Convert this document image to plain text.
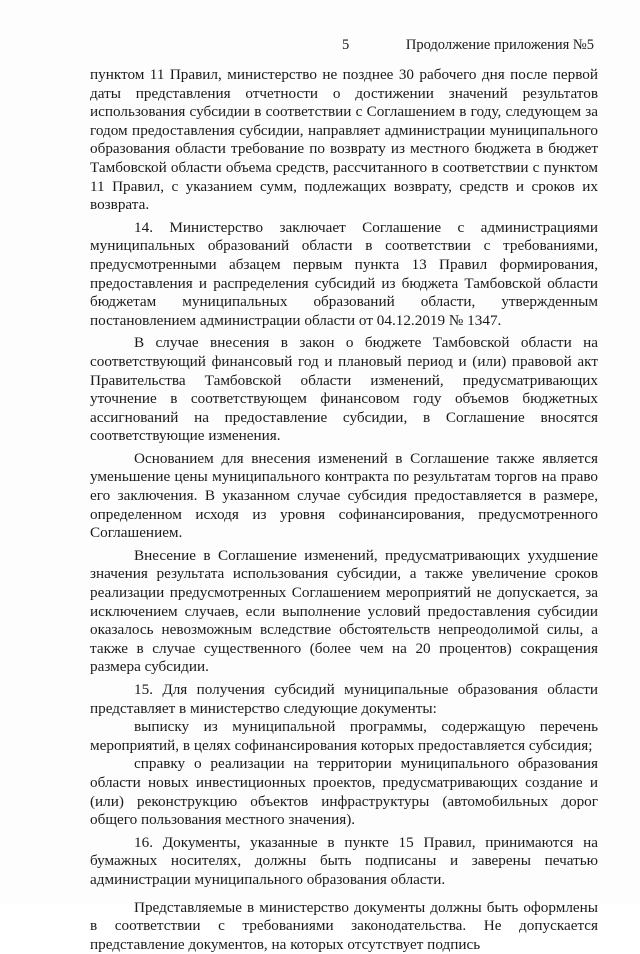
5	Продолжение приложения №5

пунктом 11 Правил, министерство не позднее 30 рабочего дня после первой даты представления отчетности о достижении значений результатов использования субсидии в соответствии с Соглашением в году, следующем за годом предоставления субсидии, направляет администрации муниципального образования области требование по возврату из местного бюджета в бюджет Тамбовской области объема средств, рассчитанного в соответствии с пунктом 11 Правил, с указанием сумм, подлежащих возврату, средств и сроков их возврата.

14. Министерство заключает Соглашение с администрациями муниципальных образований области в соответствии с требованиями, предусмотренными абзацем первым пункта 13 Правил формирования, предоставления и распределения субсидий из бюджета Тамбовской области бюджетам муниципальных образований области, утвержденным постановлением администрации области от 04.12.2019 № 1347.

В случае внесения в закон о бюджете Тамбовской области на соответствующий финансовый год и плановый период и (или) правовой акт Правительства Тамбовской области изменений, предусматривающих уточнение в соответствующем финансовом году объемов бюджетных ассигнований на предоставление субсидии, в Соглашение вносятся соответствующие изменения.

Основанием для внесения изменений в Соглашение также является уменьшение цены муниципального контракта по результатам торгов на право его заключения. В указанном случае субсидия предоставляется в размере, определенном исходя из уровня софинансирования, предусмотренного Соглашением.

Внесение в Соглашение изменений, предусматривающих ухудшение значения результата использования субсидии, а также увеличение сроков реализации предусмотренных Соглашением мероприятий не допускается, за исключением случаев, если выполнение условий предоставления субсидии оказалось невозможным вследствие обстоятельств непреодолимой силы, а также в случае существенного (более чем на 20 процентов) сокращения размера субсидии.

15. Для получения субсидий муниципальные образования области представляет в министерство следующие документы:

выписку из муниципальной программы, содержащую перечень мероприятий, в целях софинансирования которых предоставляется субсидия;

справку о реализации на территории муниципального образования области новых инвестиционных проектов, предусматривающих создание и (или) реконструкцию объектов инфраструктуры (автомобильных дорог общего пользования местного значения).

16. Документы, указанные в пункте 15 Правил, принимаются на бумажных носителях, должны быть подписаны и заверены печатью администрации муниципального образования области.

Представляемые в министерство документы должны быть оформлены в соответствии с требованиями законодательства. Не допускается представление документов, на которых отсутствует подпись
